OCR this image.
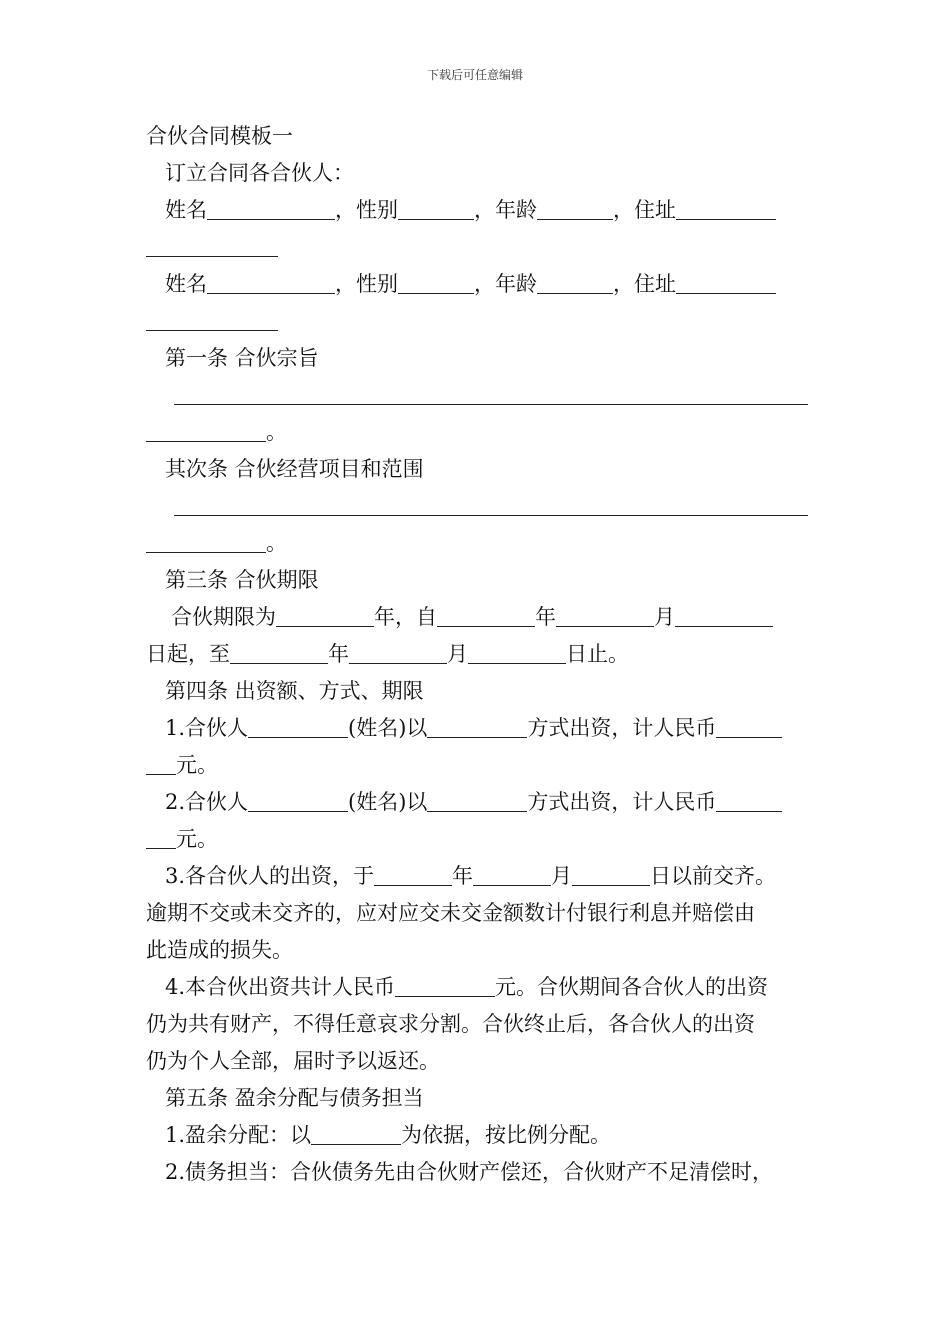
下载后可任意编辑
合伙合同模板一
订立合同各合伙人：
姓名	，性别	，年龄	，住址
姓名	，性别	，年龄	，住址
第一条 合伙宗旨
。
其次条 合伙经营项目和范围
。
第三条 合伙期限
合伙期限为	年，自	年	月
日起，至	年	月	日止。
第四条 出资额、方式、期限
1.合伙人	(姓名)以	方式出资，计人民币
元。
2.合伙人	(姓名)以	方式出资，计人民币
元。
3.各合伙人的出资，于	年	月	日以前交齐。
逾期不交或未交齐的，应对应交未交金额数计付银行利息并赔偿由
此造成的损失。
4.本合伙出资共计人民币	元。合伙期间各合伙人的出资
仍为共有财产，不得任意哀求分割。合伙终止后，各合伙人的出资
仍为个人全部，届时予以返还。
第五条 盈余分配与债务担当
1.盈余分配：以	为依据，按比例分配。
2.债务担当：合伙债务先由合伙财产偿还，合伙财产不足清偿时，
